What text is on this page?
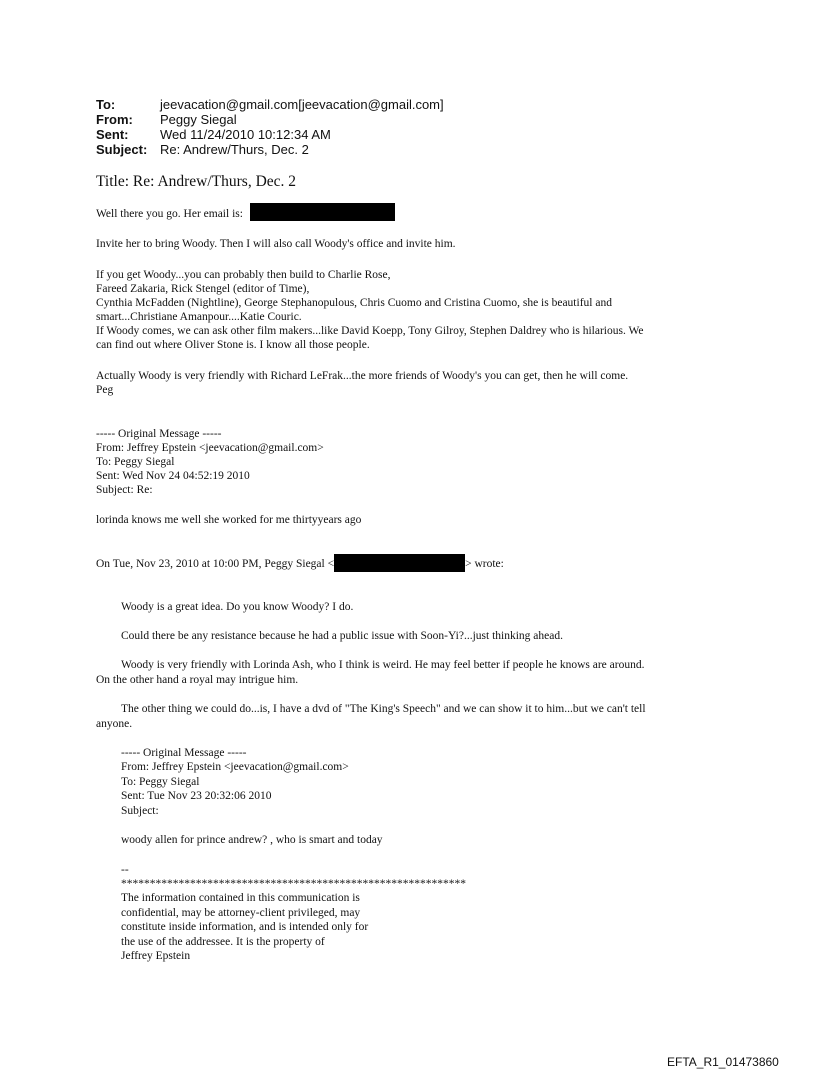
To:	jeevacation@gmail.com[jeevacation@gmail.com]
From:	Peggy Siegal
Sent:	Wed 11/24/2010 10:12:34 AM
Subject: Re: Andrew/Thurs, Dec. 2
Title: Re: Andrew/Thurs, Dec. 2
Well there you go. Her email is:
Invite her to bring Woody. Then I will also call Woody's office and invite him.
If you get Woody...you can probably then build to Charlie Rose,
Fareed Zakaria, Rick Stengel (editor of Time),
Cynthia McFadden (Nightline), George Stephanopulous, Chris Cuomo and Cristina Cuomo, she is beautiful and
smart...Christiane Amanpour....Katie Couric.
If Woody comes, we can ask other film makers...like David Koepp, Tony Gilroy, Stephen Daldrey who is hilarious. We
can find out where Oliver Stone is. I know all those people.
Actually Woody is very friendly with Richard LeFrak...the more friends of Woody's you can get, then he will come.
Peg
----- Original Message -----
From: Jeffrey Epstein <jeevacation@gmail.com>
To: Peggy Siegal
Sent: Wed Nov 24 04:52:19 2010
Subject: Re:
lorinda knows me well she worked for me thirtyyears ago
On Tue, Nov 23, 2010 at 10:00 PM, Peggy Siegal <	> wrote:
Woody is a great idea. Do you know Woody? I do.
Could there be any resistance because he had a public issue with Soon-Yi?...just thinking ahead.
Woody is very friendly with Lorinda Ash, who I think is weird. He may feel better if people he knows are around.
On the other hand a royal may intrigue him.
The other thing we could do...is, I have a dvd of "The King's Speech" and we can show it to him...but we can't tell
anyone.
----- Original Message -----
From: Jeffrey Epstein <jeevacation@gmail.com>
To: Peggy Siegal
Sent: Tue Nov 23 20:32:06 2010
Subject:
woody allen for prince andrew? , who is smart and today
--
************************************************************
The information contained in this communication is
confidential, may be attorney-client privileged, may
constitute inside information, and is intended only for
the use of the addressee. It is the property of
Jeffrey Epstein
EFTA_R1_01473860
